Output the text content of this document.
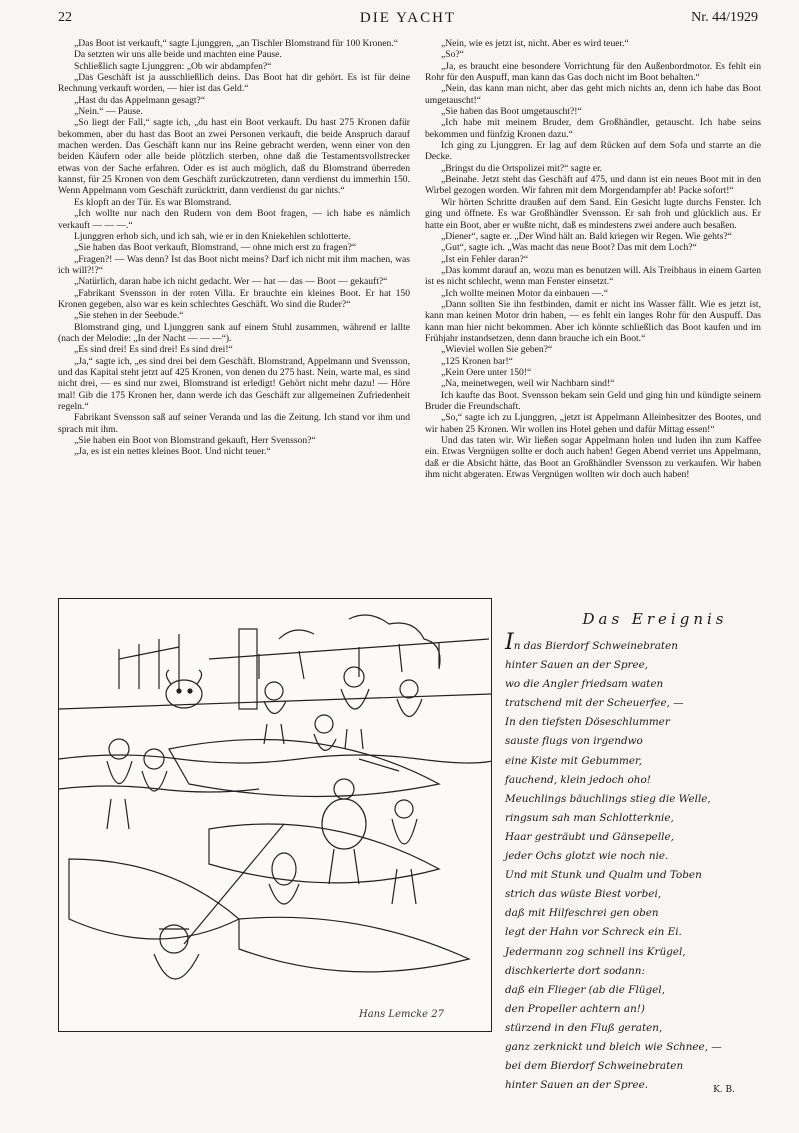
22	DIE YACHT	Nr. 44/1929

„Das Boot ist verkauft,“ sagte Ljunggren, „an Tischler Blomstrand für 100 Kronen.“

Da setzten wir uns alle beide und machten eine Pause.

Schließlich sagte Ljunggren: „Ob wir abdampfen?“

„Das Geschäft ist ja ausschließlich deins. Das Boot hat dir gehört. Es ist für deine Rechnung verkauft worden, — hier ist das Geld.“

„Hast du das Appelmann gesagt?“

„Nein.“ — Pause.

„So liegt der Fall,“ sagte ich, „du hast ein Boot verkauft. Du hast 275 Kronen dafür bekommen, aber du hast das Boot an zwei Personen verkauft, die beide Anspruch darauf machen werden. Das Geschäft kann nur ins Reine gebracht werden, wenn einer von den beiden Käufern oder alle beide plötzlich sterben, ohne daß die Testamentsvollstrecker etwas von der Sache erfahren. Oder es ist auch möglich, daß du Blomstrand überreden kannst, für 25 Kronen von dem Geschäft zurückzutreten, dann verdienst du immerhin 150. Wenn Appelmann vom Geschäft zurücktritt, dann verdienst du gar nichts.“

Es klopft an der Tür. Es war Blomstrand.

„Ich wollte nur nach den Rudern von dem Boot fragen, — ich habe es nämlich verkauft — — —.“

Ljunggren erhob sich, und ich sah, wie er in den Kniekehlen schlotterte.

„Sie haben das Boot verkauft, Blomstrand, — ohne mich erst zu fragen?“

„Fragen?! — Was denn? Ist das Boot nicht meins? Darf ich nicht mit ihm machen, was ich will?!?“

„Natürlich, daran habe ich nicht gedacht. Wer — hat — das — Boot — gekauft?“

„Fabrikant Svensson in der roten Villa. Er brauchte ein kleines Boot. Er hat 150 Kronen gegeben, also war es kein schlechtes Geschäft. Wo sind die Ruder?“

„Sie stehen in der Seebude.“

Blomstrand ging, und Ljunggren sank auf einem Stuhl zusammen, während er lallte (nach der Melodie: „In der Nacht — — —“).

„Es sind drei! Es sind drei! Es sind drei!“

„Ja,“ sagte ich, „es sind drei bei dem Geschäft. Blomstrand, Appelmann und Svensson, und das Kapital steht jetzt auf 425 Kronen, von denen du 275 hast. Nein, warte mal, es sind nicht drei, — es sind nur zwei, Blomstrand ist erledigt! Gehört nicht mehr dazu! — Höre mal! Gib die 175 Kronen her, dann werde ich das Geschäft zur allgemeinen Zufriedenheit regeln.“

Fabrikant Svensson saß auf seiner Veranda und las die Zeitung. Ich stand vor ihm und sprach mit ihm.

„Sie haben ein Boot von Blomstrand gekauft, Herr Svensson?“

„Ja, es ist ein nettes kleines Boot. Und nicht teuer.“

„Nein, wie es jetzt ist, nicht. Aber es wird teuer.“

„So?“

„Ja, es braucht eine besondere Vorrichtung für den Außenbordmotor. Es fehlt ein Rohr für den Auspuff, man kann das Gas doch nicht im Boot behalten.“

„Nein, das kann man nicht, aber das geht mich nichts an, denn ich habe das Boot umgetauscht!“

„Sie haben das Boot umgetauscht?!“

„Ich habe mit meinem Bruder, dem Großhändler, getauscht. Ich habe seins bekommen und fünfzig Kronen dazu.“

Ich ging zu Ljunggren. Er lag auf dem Rücken auf dem Sofa und starrte an die Decke.

„Bringst du die Ortspolizei mit?“ sagte er.

„Beinahe. Jetzt steht das Geschäft auf 475, und dann ist ein neues Boot mit in den Wirbel gezogen worden. Wir fahren mit dem Morgendampfer ab! Packe sofort!“

Wir hörten Schritte draußen auf dem Sand. Ein Gesicht lugte durchs Fenster. Ich ging und öffnete. Es war Großhändler Svensson. Er sah froh und glücklich aus. Er hatte ein Boot, aber er wußte nicht, daß es mindestens zwei andere auch besaßen.

„Diener“, sagte er. „Der Wind hält an. Bald kriegen wir Regen. Wie gehts?“

„Gut“, sagte ich. „Was macht das neue Boot? Das mit dem Loch?“

„Ist ein Fehler daran?“

„Das kommt darauf an, wozu man es benutzen will. Als Treibhaus in einem Garten ist es nicht schlecht, wenn man Fenster einsetzt.“

„Ich wollte meinen Motor da einbauen —.“

„Dann sollten Sie ihn festbinden, damit er nicht ins Wasser fällt. Wie es jetzt ist, kann man keinen Motor drin haben, — es fehlt ein langes Rohr für den Auspuff. Das kann man hier nicht bekommen. Aber ich könnte schließlich das Boot kaufen und im Frühjahr instandsetzen, denn dann brauche ich ein Boot.“

„Wieviel wollen Sie geben?“

„125 Kronen bar!“

„Kein Oere unter 150!“

„Na, meinetwegen, weil wir Nachbarn sind!“

Ich kaufte das Boot. Svensson bekam sein Geld und ging hin und kündigte seinem Bruder die Freundschaft.

„So,“ sagte ich zu Ljunggren, „jetzt ist Appelmann Alleinbesitzer des Bootes, und wir haben 25 Kronen. Wir wollen ins Hotel gehen und dafür Mittag essen!“

Und das taten wir. Wir ließen sogar Appelmann holen und luden ihn zum Kaffee ein. Etwas Vergnügen sollte er doch auch haben! Gegen Abend verriet uns Appelmann, daß er die Absicht hätte, das Boot an Großhändler Svensson zu verkaufen. Wir haben ihm nicht abgeraten. Etwas Vergnügen wollten wir doch auch haben!

Hans Lemcke 27
Das Ereignis
In das Bierdorf Schweinebraten
hinter Sauen an der Spree,
wo die Angler friedsam waten
tratschend mit der Scheuerfee, —
In den tiefsten Döseschlummer
sauste flugs von irgendwo
eine Kiste mit Gebummer,
fauchend, klein jedoch oho!
Meuchlings bäuchlings stieg die Welle,
ringsum sah man Schlotterknie,
Haar gesträubt und Gänsepelle,
jeder Ochs glotzt wie noch nie.
Und mit Stunk und Qualm und Toben
strich das wüste Biest vorbei,
daß mit Hilfeschrei gen oben
legt der Hahn vor Schreck ein Ei.
Jedermann zog schnell ins Krügel,
dischkerierte dort sodann:
daß ein Flieger (ab die Flügel,
den Propeller achtern an!)
stürzend in den Fluß geraten,
ganz zerknickt und bleich wie Schnee, —
bei dem Bierdorf Schweinebraten
hinter Sauen an der Spree.	K. B.
